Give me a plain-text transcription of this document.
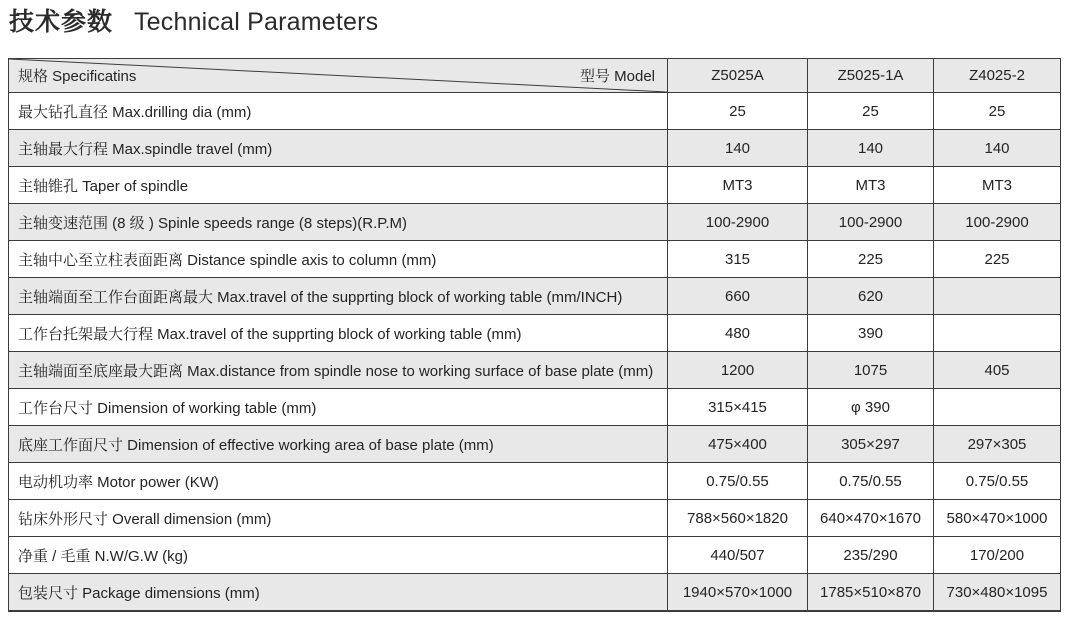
技术参数 Technical Parameters
规格 Specificatins 型号 Model	Z5025A	Z5025-1A	Z4025-2
最大钻孔直径 Max.drilling dia (mm)	25	25	25
主轴最大行程 Max.spindle travel (mm)	140	140	140
主轴锥孔 Taper of spindle	MT3	MT3	MT3
主轴变速范围 (8 级 ) Spinle speeds range (8 steps)(R.P.M)	100-2900	100-2900	100-2900
主轴中心至立柱表面距离 Distance spindle axis to column (mm)	315	225	225
主轴端面至工作台面距离最大 Max.travel of the supprting block of working table (mm/INCH)	660	620	
工作台托架最大行程 Max.travel of the supprting block of working table (mm)	480	390	
主轴端面至底座最大距离 Max.distance from spindle nose to working surface of base plate (mm)	1200	1075	405
工作台尺寸 Dimension of working table (mm)	315×415	φ 390	
底座工作面尺寸 Dimension of effective working area of base plate (mm)	475×400	305×297	297×305
电动机功率 Motor power (KW)	0.75/0.55	0.75/0.55	0.75/0.55
钻床外形尺寸 Overall dimension (mm)	788×560×1820	640×470×1670	580×470×1000
净重 / 毛重 N.W/G.W (kg)	440/507	235/290	170/200
包装尺寸 Package dimensions (mm)	1940×570×1000	1785×510×870	730×480×1095
